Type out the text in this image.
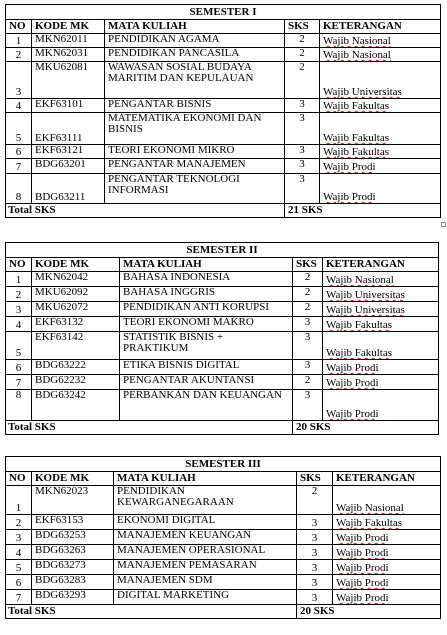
SEMESTER I				
NO	KODE MK	MATA KULIAH	SKS	KETERANGAN
1	MKN62011	PENDIDIKAN AGAMA	2	Wajib Nasional
2	MKN62031	PENDIDIKAN PANCASILA	2	Wajib Nasional
3	MKU62081	WAWASAN SOSIAL BUDAYA MARITIM DAN KEPULAUAN	2	Wajib Universitas
4	EKF63101	PENGANTAR BISNIS	3	Wajib Fakultas
5	EKF63111	MATEMATIKA EKONOMI DAN BISNIS	3	Wajib Fakultas
6	EKF63121	TEORI EKONOMI MIKRO	3	Wajib Fakultas
7	BDG63201	PENGANTAR MANAJEMEN	3	Wajib Prodi
8	BDG63211	PENGANTAR TEKNOLOGI INFORMASI	3	Wajib Prodi
Total SKS			21 SKS	
SEMESTER II				
NO	KODE MK	MATA KULIAH	SKS	KETERANGAN
1	MKN62042	BAHASA INDONESIA	2	Wajib Nasional
2	MKU62092	BAHASA INGGRIS	2	Wajib Universitas
3	MKU62072	PENDIDIKAN ANTI KORUPSI	2	Wajib Universitas
4	EKF63132	TEORI EKONOMI MAKRO	3	Wajib Fakultas
5	EKF63142	STATISTIK BISNIS + PRAKTIKUM	3	Wajib Fakultas
6	BDG63222	ETIKA BISNIS DIGITAL	3	Wajib Prodi
7	BDG62232	PENGANTAR AKUNTANSI	2	Wajib Prodi
8	BDG63242	PERBANKAN DAN KEUANGAN	3	Wajib Prodi
Total SKS			20 SKS	
SEMESTER III				
NO	KODE MK	MATA KULIAH	SKS	KETERANGAN
1	MKN62023	PENDIDIKAN KEWARGANEGARAAN	2	Wajib Nasional
2	EKF63153	EKONOMI DIGITAL	3	Wajib Fakultas
3	BDG63253	MANAJEMEN KEUANGAN	3	Wajib Prodi
4	BDG63263	MANAJEMEN OPERASIONAL	3	Wajib Prodi
5	BDG63273	MANAJEMEN PEMASARAN	3	Wajib Prodi
6	BDG63283	MANAJEMEN SDM	3	Wajib Prodi
7	BDG63293	DIGITAL MARKETING	3	Wajib Prodi
Total SKS			20 SKS	
